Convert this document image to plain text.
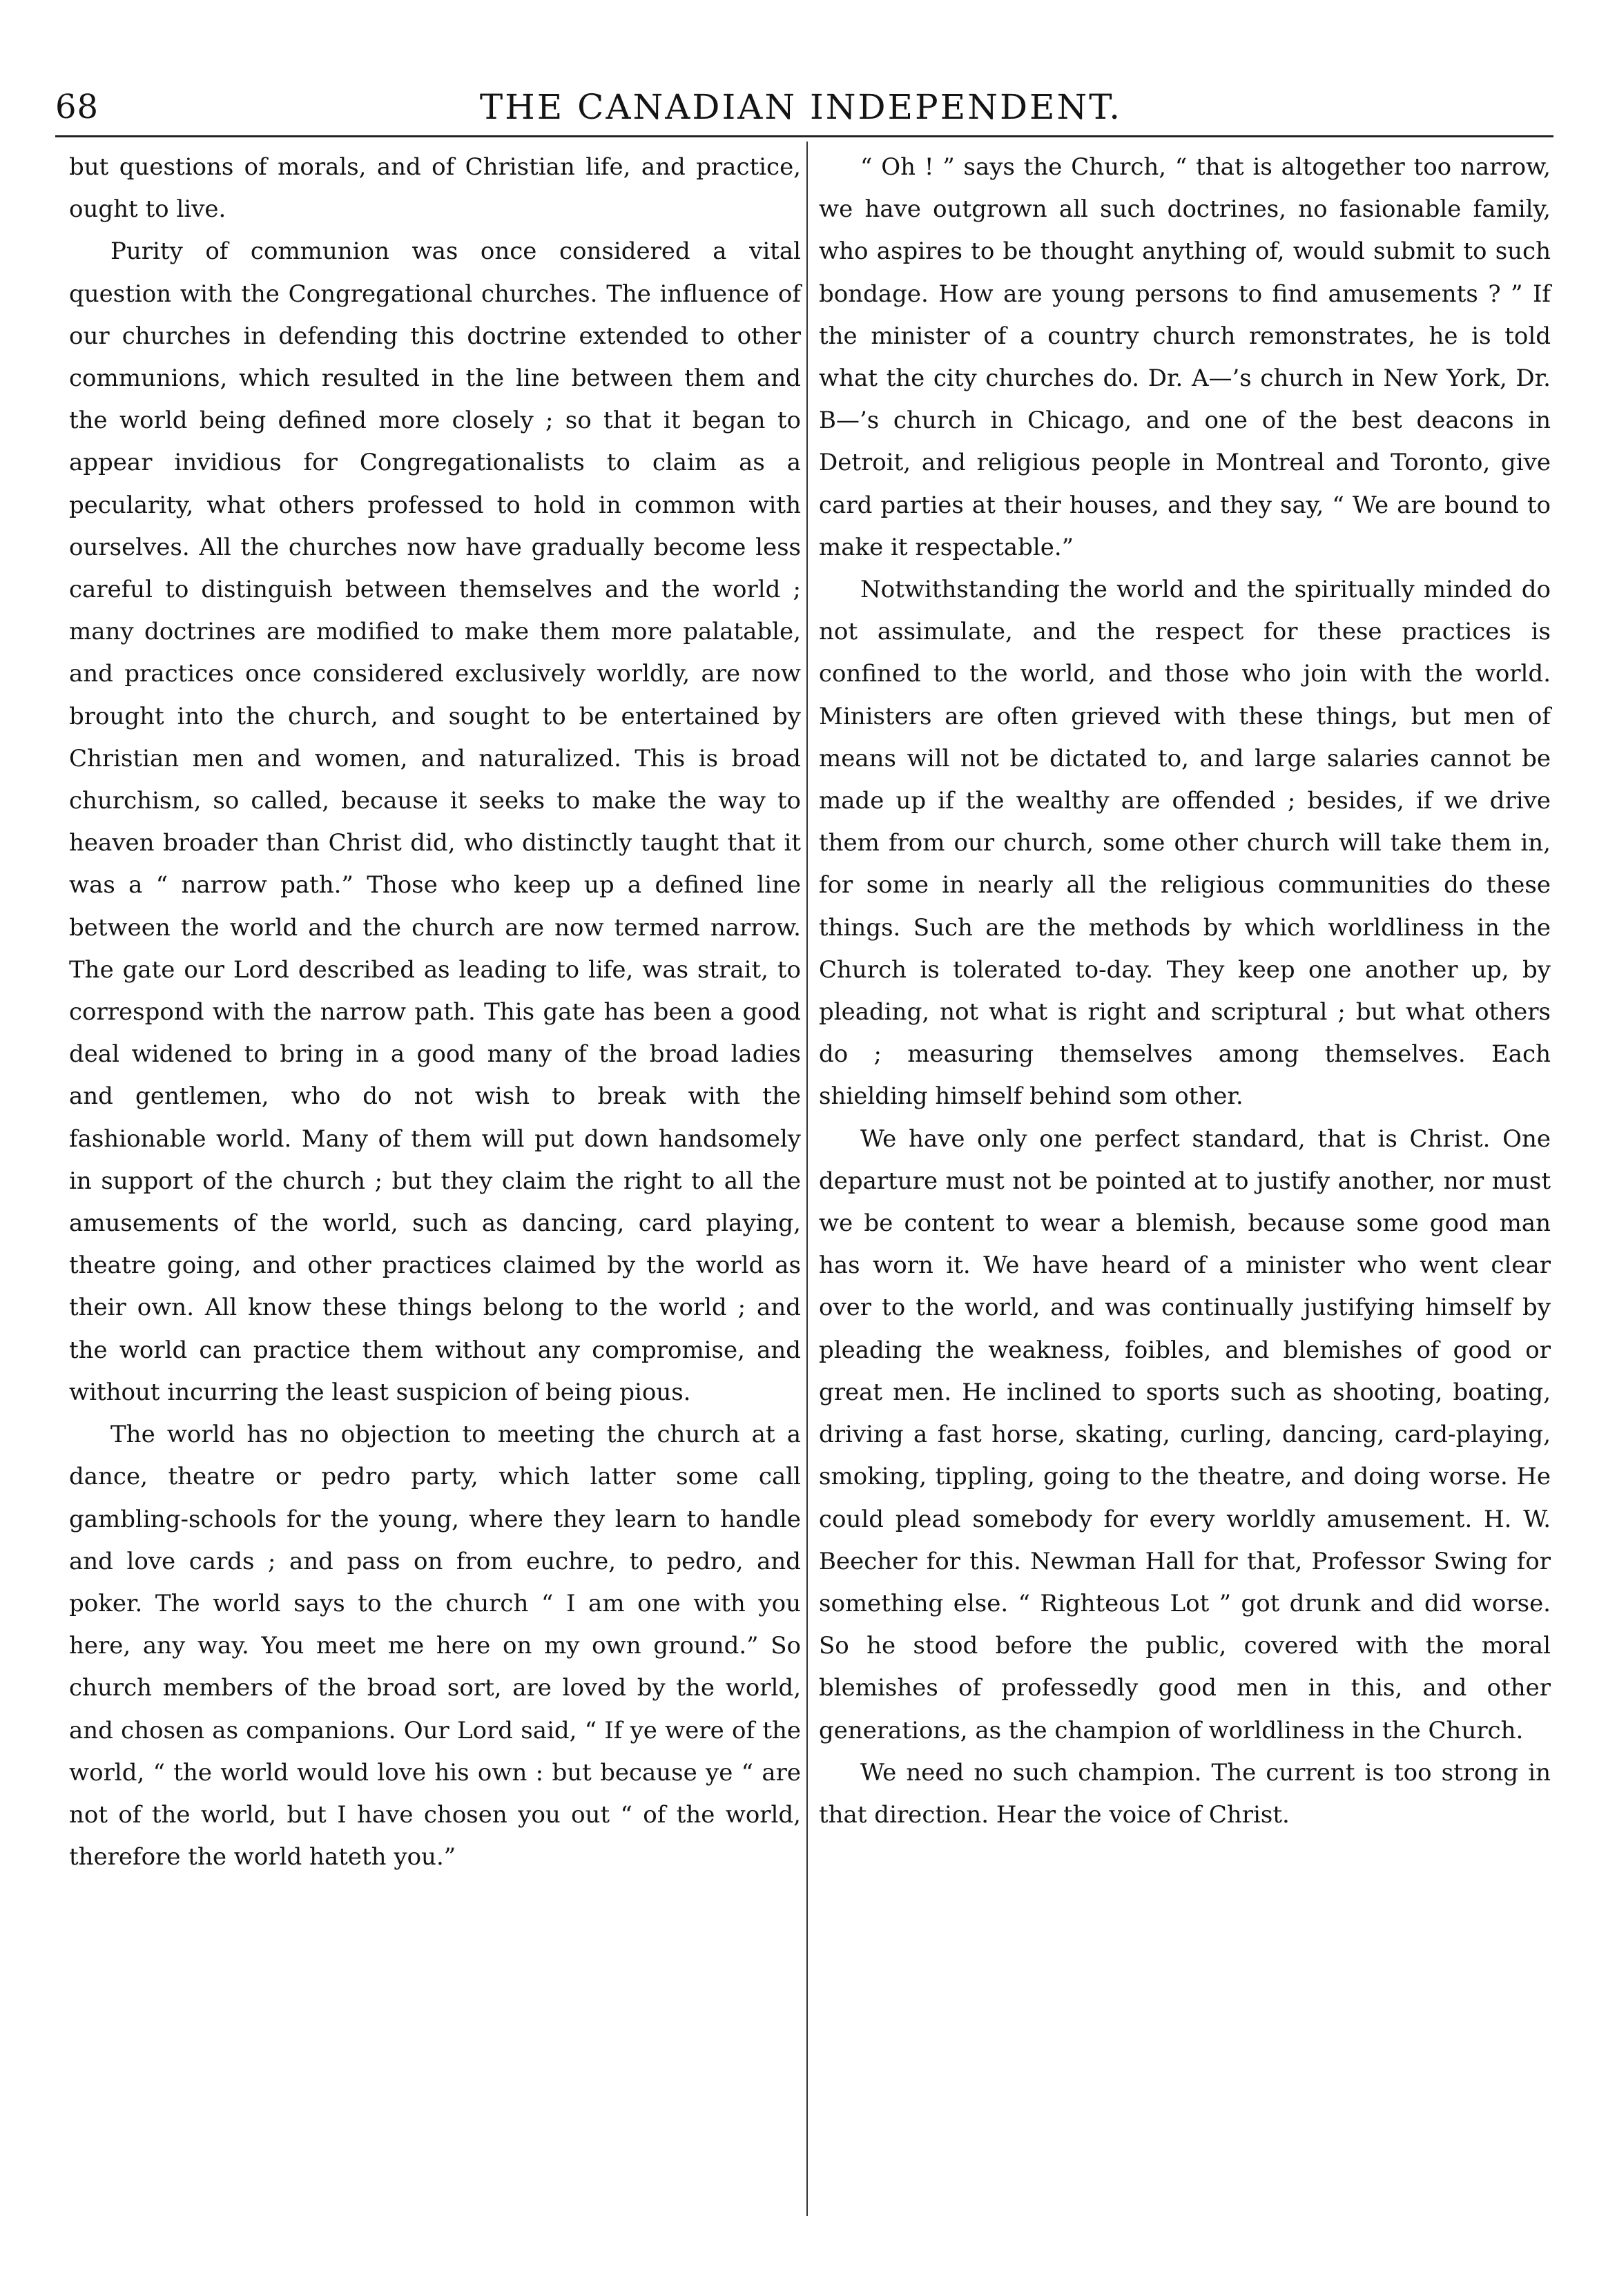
68	THE CANADIAN INDEPENDENT.

but questions of morals, and of Christian life, and practice, ought to live.

Purity of communion was once considered a vital question with the Congregational churches. The influence of our churches in defending this doctrine extended to other communions, which resulted in the line between them and the world being defined more closely ; so that it began to appear invidious for Congregationalists to claim as a pecularity, what others professed to hold in common with ourselves. All the churches now have gradually become less careful to distinguish between themselves and the world ; many doctrines are modified to make them more palatable, and practices once considered exclusively worldly, are now brought into the church, and sought to be entertained by Christian men and women, and naturalized. This is broad churchism, so called, because it seeks to make the way to heaven broader than Christ did, who distinctly taught that it was a “ narrow path.” Those who keep up a defined line between the world and the church are now termed narrow. The gate our Lord described as leading to life, was strait, to correspond with the narrow path. This gate has been a good deal widened to bring in a good many of the broad ladies and gentlemen, who do not wish to break with the fashionable world. Many of them will put down handsomely in support of the church ; but they claim the right to all the amusements of the world, such as dancing, card playing, theatre going, and other practices claimed by the world as their own. All know these things belong to the world ; and the world can practice them without any compromise, and without incurring the least suspicion of being pious.

The world has no objection to meeting the church at a dance, theatre or pedro party, which latter some call gambling-schools for the young, where they learn to handle and love cards ; and pass on from euchre, to pedro, and poker. The world says to the church “ I am one with you here, any way. You meet me here on my own ground.” So church members of the broad sort, are loved by the world, and chosen as companions. Our Lord said, “ If ye were of the world, “ the world would love his own : but because ye “ are not of the world, but I have chosen you out “ of the world, therefore the world hateth you.”

“ Oh ! ” says the Church, “ that is altogether too narrow, we have outgrown all such doctrines, no fasionable family, who aspires to be thought anything of, would submit to such bondage. How are young persons to find amusements ? ” If the minister of a country church remonstrates, he is told what the city churches do. Dr. A—’s church in New York, Dr. B—’s church in Chicago, and one of the best deacons in Detroit, and religious people in Montreal and Toronto, give card parties at their houses, and they say, “ We are bound to make it respectable.”

Notwithstanding the world and the spiritually minded do not assimulate, and the respect for these practices is confined to the world, and those who join with the world. Ministers are often grieved with these things, but men of means will not be dictated to, and large salaries cannot be made up if the wealthy are offended ; besides, if we drive them from our church, some other church will take them in, for some in nearly all the religious communities do these things. Such are the methods by which worldliness in the Church is tolerated to-day. They keep one another up, by pleading, not what is right and scriptural ; but what others do ; measuring themselves among themselves. Each shielding himself behind som other.

We have only one perfect standard, that is Christ. One departure must not be pointed at to justify another, nor must we be content to wear a blemish, because some good man has worn it. We have heard of a minister who went clear over to the world, and was continually justifying himself by pleading the weakness, foibles, and blemishes of good or great men. He inclined to sports such as shooting, boating, driving a fast horse, skating, curling, dancing, card-playing, smoking, tippling, going to the theatre, and doing worse. He could plead somebody for every worldly amusement. H. W. Beecher for this. Newman Hall for that, Professor Swing for something else. “ Righteous Lot ” got drunk and did worse. So he stood before the public, covered with the moral blemishes of professedly good men in this, and other generations, as the champion of worldliness in the Church.

We need no such champion. The current is too strong in that direction. Hear the voice of Christ.
